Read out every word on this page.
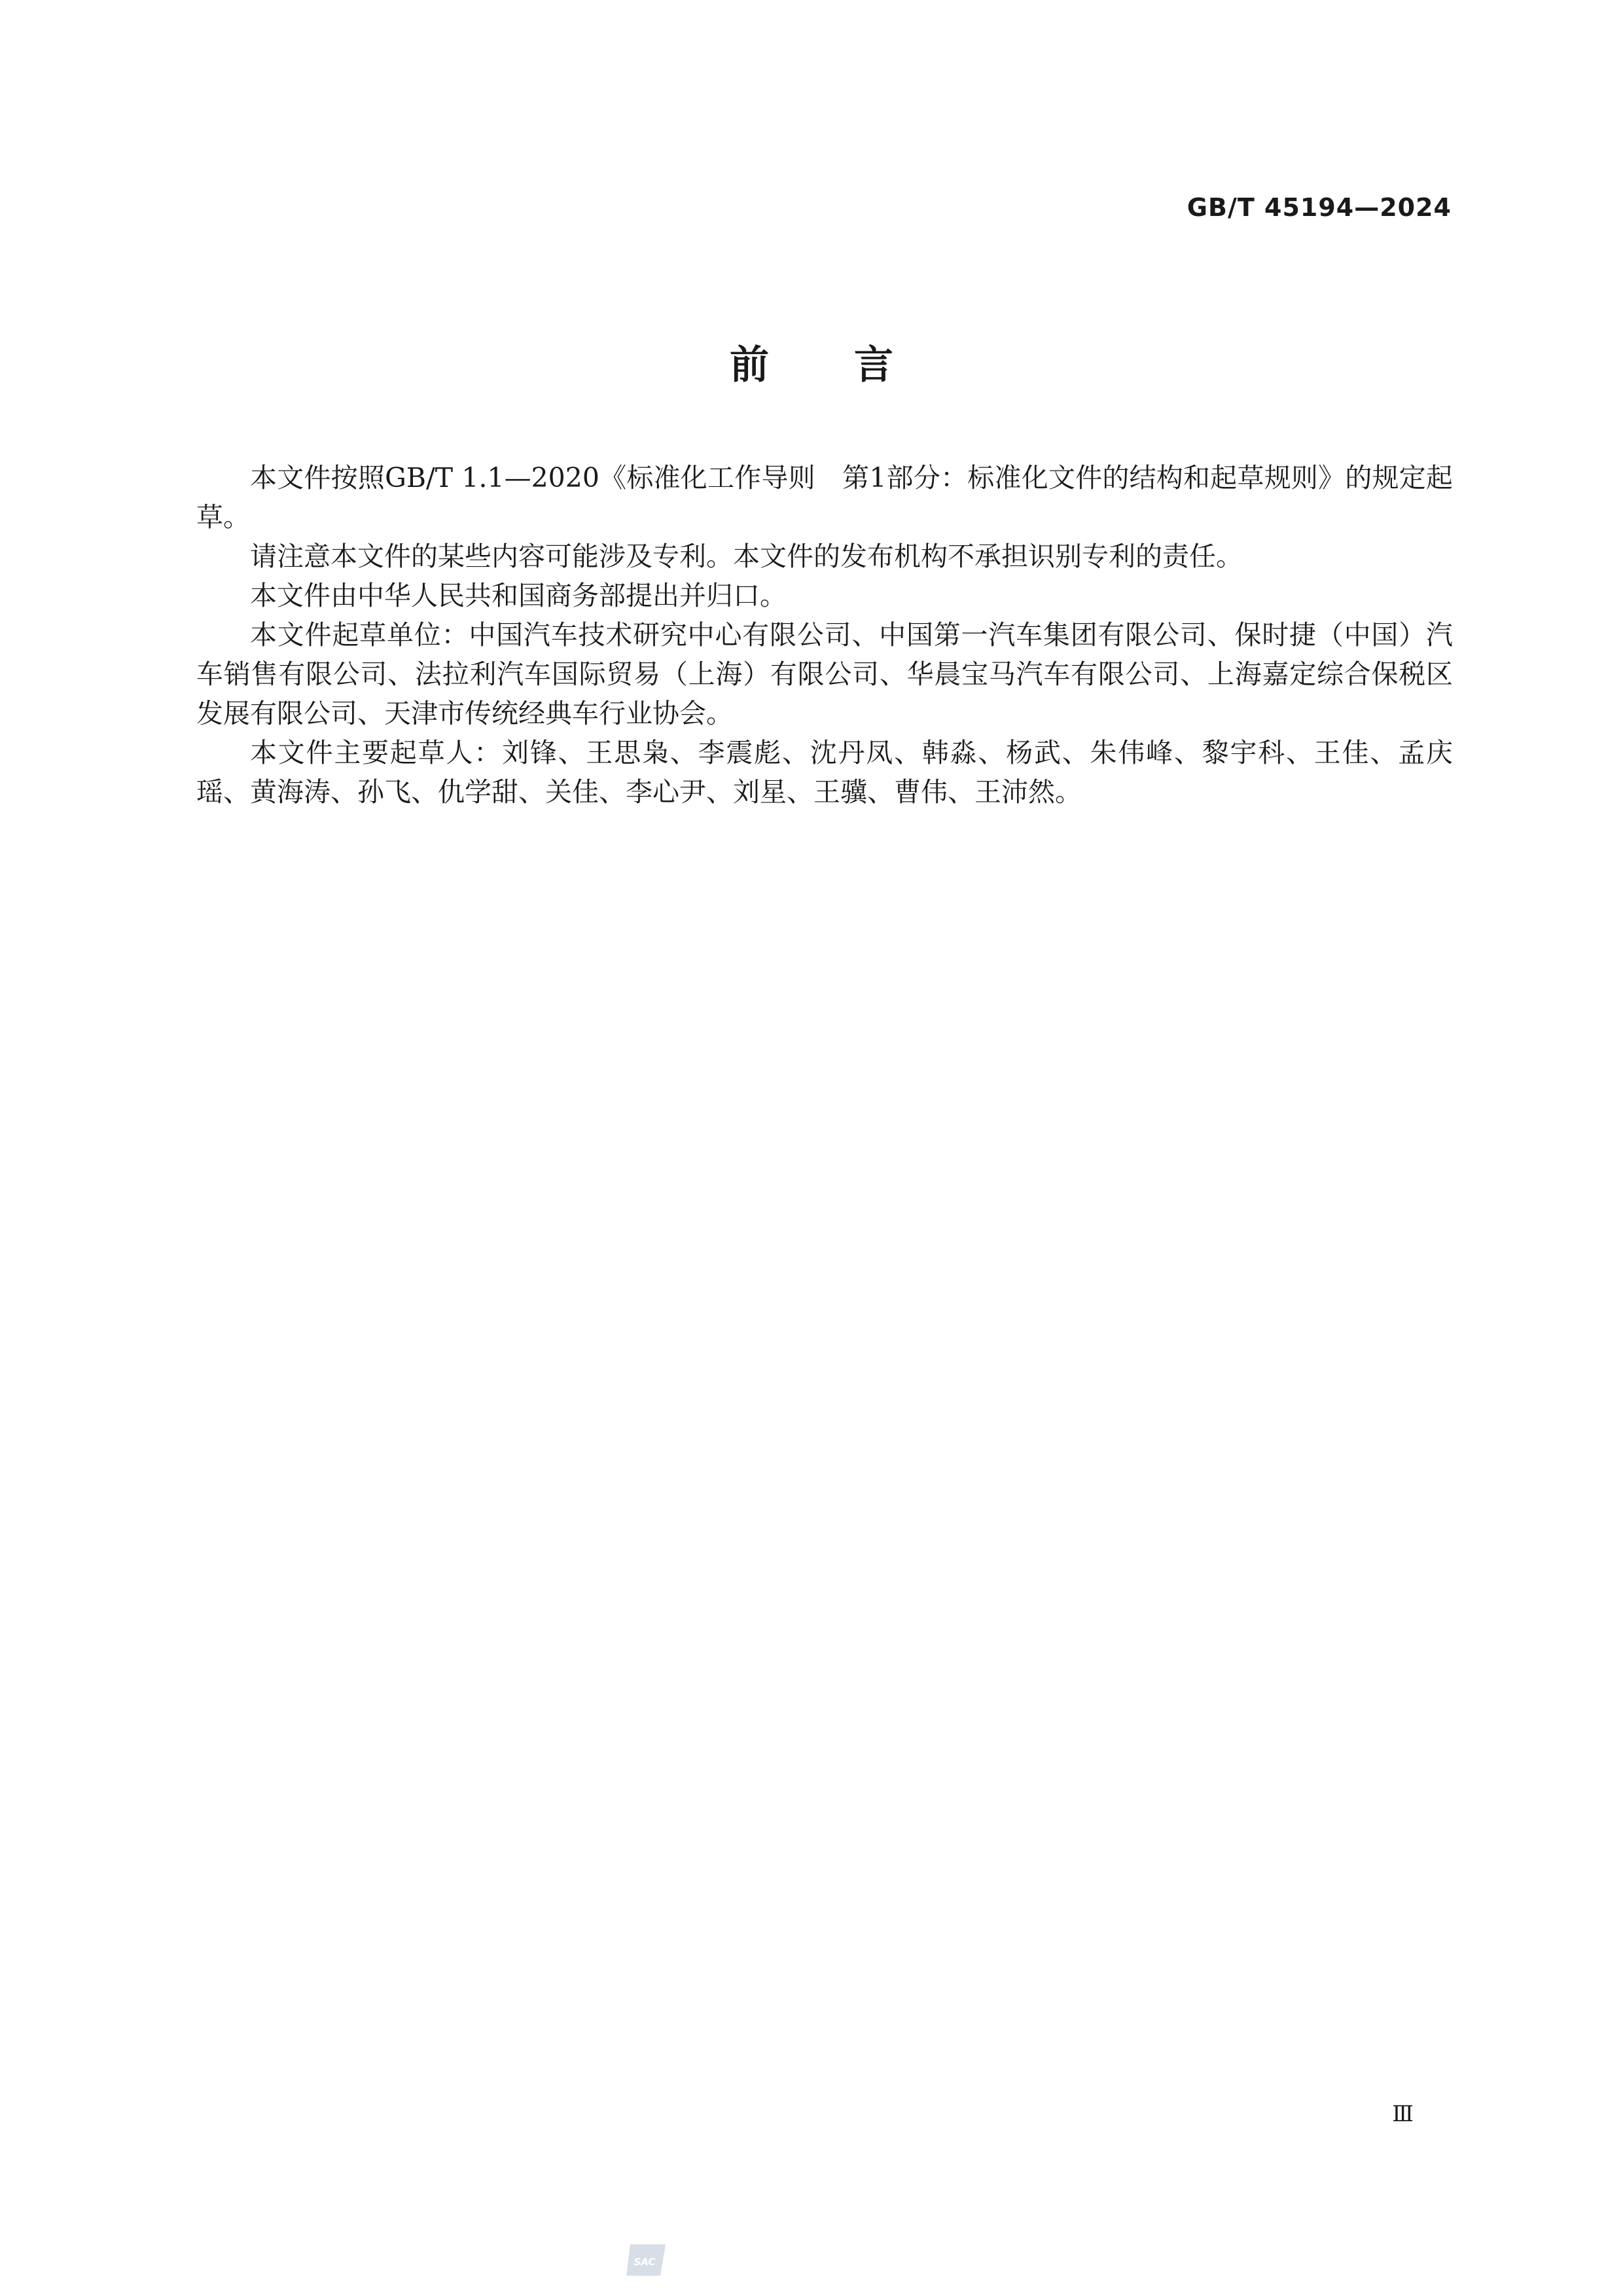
GB/T 45194—2024
前言

本文件按照GB/T 1.1—2020《标准化工作导则　第1部分：标准化文件的结构和起草规则》的规定起草。

请注意本文件的某些内容可能涉及专利。本文件的发布机构不承担识别专利的责任。

本文件由中华人民共和国商务部提出并归口。

本文件起草单位：中国汽车技术研究中心有限公司、中国第一汽车集团有限公司、保时捷（中国）汽车销售有限公司、法拉利汽车国际贸易（上海）有限公司、华晨宝马汽车有限公司、上海嘉定综合保税区发展有限公司、天津市传统经典车行业协会。

本文件主要起草人：刘锋、王思枭、李震彪、沈丹凤、韩淼、杨武、朱伟峰、黎宇科、王佳、孟庆瑶、黄海涛、孙飞、仇学甜、关佳、李心尹、刘星、王骥、曹伟、王沛然。

Ⅲ
SAC
